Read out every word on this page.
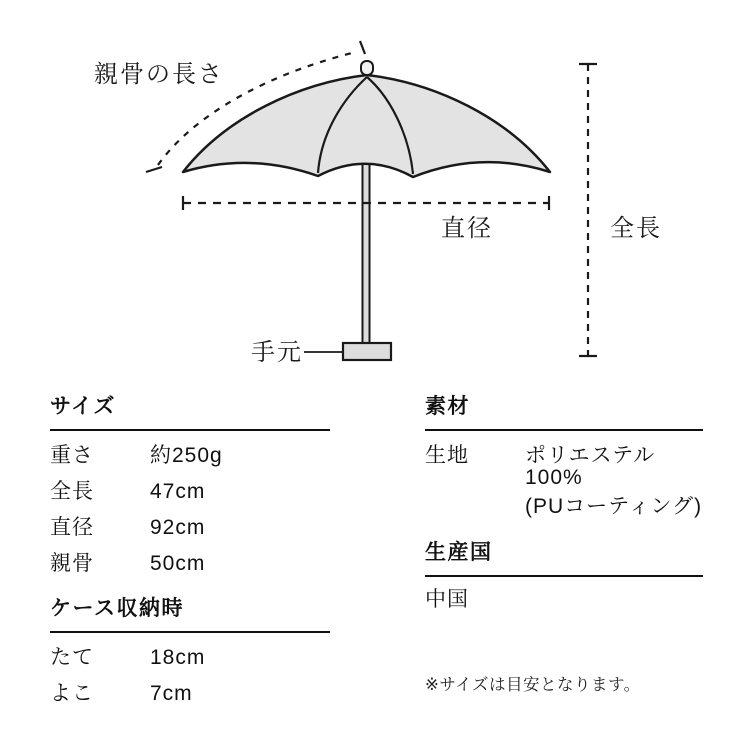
親骨の長さ
直径	全長
手元
サイズ
重さ	約250g
全長	47cm
直径	92cm
親骨	50cm
ケース収納時
たて	18cm
よこ	7cm
素材
生地	ポリエステル100%
(PUコーティング)
生産国
中国
※サイズは目安となります。
